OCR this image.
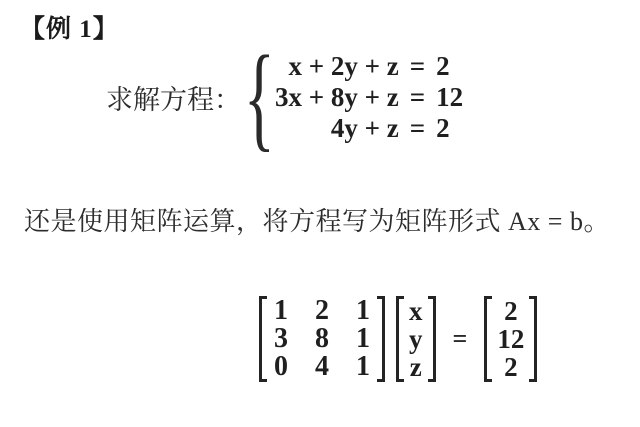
【例 1】
求解方程： { x + 2y + z = 2
3x + 8y + z = 12
4y + z = 2
还是使用矩阵运算，将方程写为矩阵形式 Ax = b。
1 2 1
3 8 1
0 4 1
x
y
z
=
2
12
2
